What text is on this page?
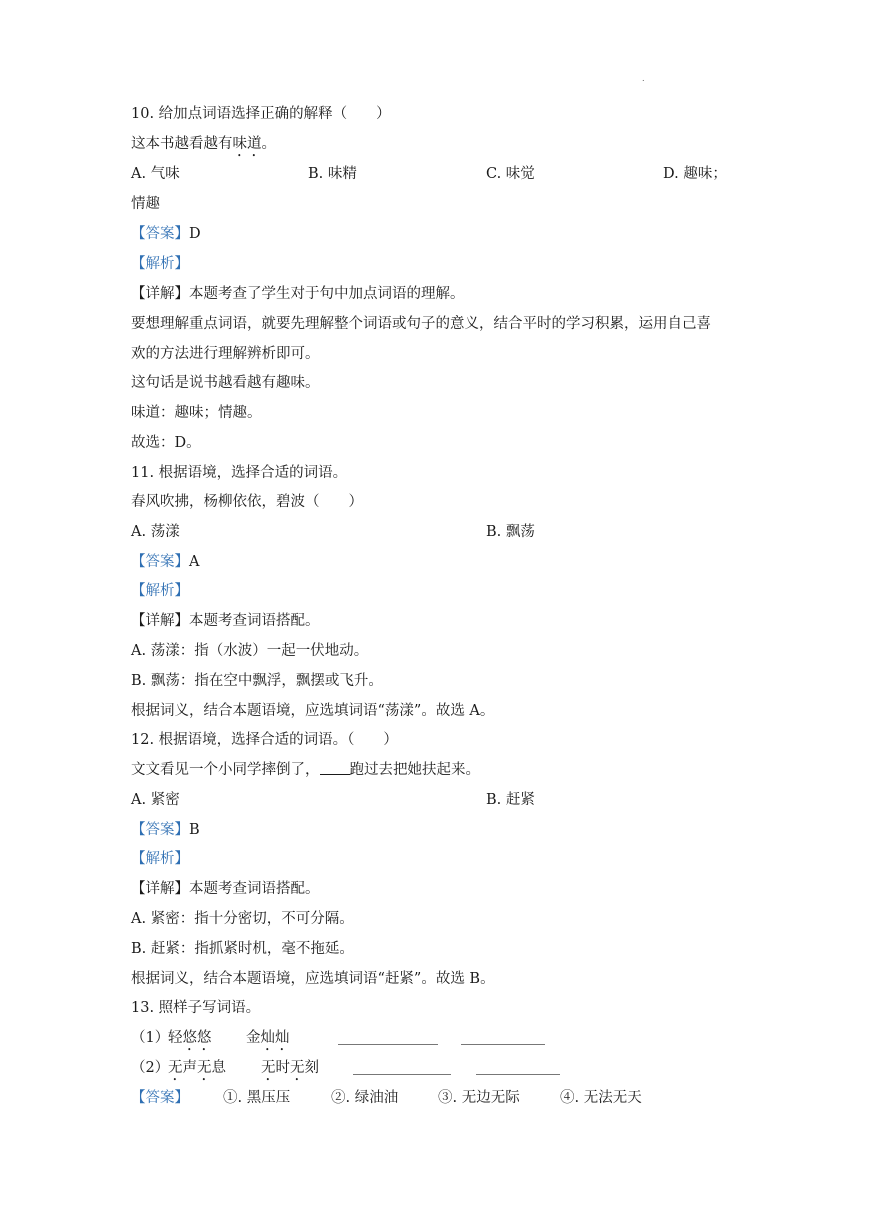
.
10. 给加点词语选择正确的解释（　　）
这本书越看越有味道。
A. 气味	B. 味精	C. 味觉	D. 趣味；
情趣
【答案】D
【解析】
【详解】本题考查了学生对于句中加点词语的理解。
要想理解重点词语，就要先理解整个词语或句子的意义，结合平时的学习积累，运用自己喜
欢的方法进行理解辨析即可。
这句话是说书越看越有趣味。
味道：趣味；情趣。
故选：D。
11. 根据语境，选择合适的词语。
春风吹拂，杨柳依依，碧波（　　）
A. 荡漾	B. 飘荡
【答案】A
【解析】
【详解】本题考查词语搭配。
A. 荡漾：指（水波）一起一伏地动。
B. 飘荡：指在空中飘浮，飘摆或飞升。
根据词义，结合本题语境，应选填词语“荡漾”。故选 A。
12. 根据语境，选择合适的词语。（　　）
文文看见一个小同学摔倒了， 跑过去把她扶起来。
A. 紧密	B. 赶紧
【答案】B
【解析】
【详解】本题考查词语搭配。
A. 紧密：指十分密切，不可分隔。
B. 赶紧：指抓紧时机，毫不拖延。
根据词义，结合本题语境，应选填词语“赶紧”。故选 B。
13. 照样子写词语。
（1）
轻悠悠 金灿灿
（2）
无声无息 无时无刻
【答案】 ①. 黑压压	②. 绿油油	③. 无边无际	④. 无法无天
